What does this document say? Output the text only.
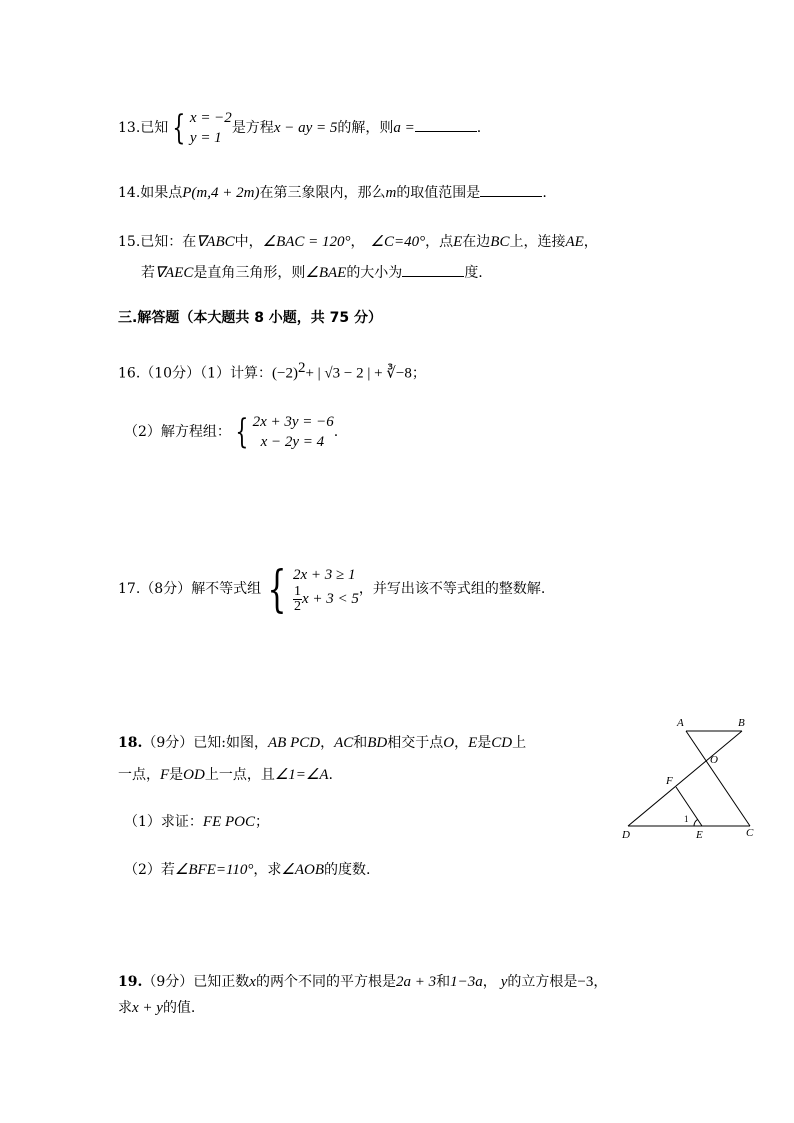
13.已知 { x = −2
y = 1是方程x − ay = 5的解，则a =	.
14.如果点P(m,4 + 2m)在第三象限内，那么m的取值范围是	.
15.已知：在∇ABC中，∠BAC = 120°， ∠C=40°，点E在边BC上，连接AE，
若∇AEC是直角三角形，则∠BAE的大小为	度.
三.解答题（本大题共 8 小题，共 75 分）
16.（10分）（1）计算：$(-2)^2+$ | √3 − 2 | + ∛−8；
（2）解方程组： { 2x + 3y = −6
x − 2y = 4.
17.（8分）解不等式组 { 2x + 3 ≥ 1

$\frac{1}{2}$ x + 3 < 5，并写出该不等式组的整数解.
18.（9分）已知:如图，AB PCD，AC和BD相交于点O，E是CD上
一点，F是OD上一点，且∠1=∠A.
（1）求证：FE POC；
（2）若∠BFE=110°，求∠AOB的度数.
A	B
O
F
D	E	C
1
19.（9分）已知正数x的两个不同的平方根是2a + 3和1−3a， y的立方根是−3，
求x + y的值.
